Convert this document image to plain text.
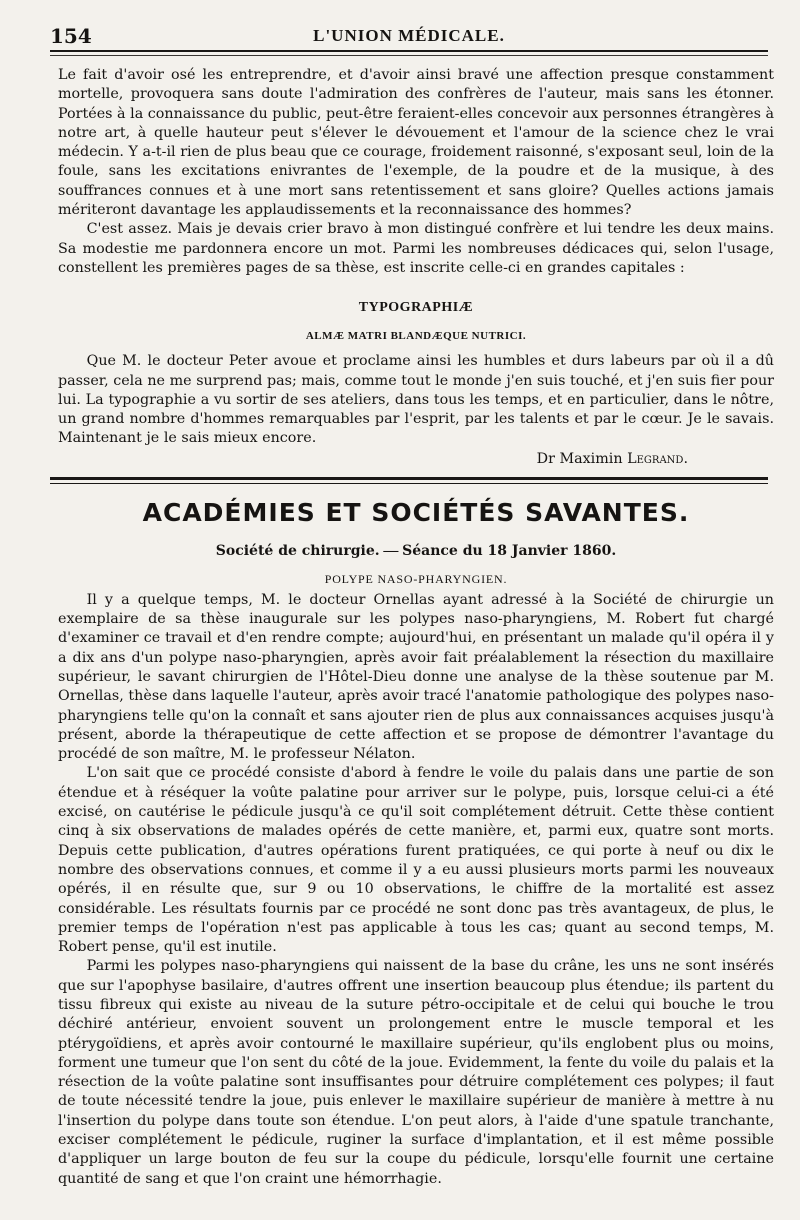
154	L'UNION MÉDICALE.

Le fait d'avoir osé les entreprendre, et d'avoir ainsi bravé une affection presque constamment mortelle, provoquera sans doute l'admiration des confrères de l'auteur, mais sans les étonner. Portées à la connaissance du public, peut-être feraient-elles concevoir aux personnes étrangères à notre art, à quelle hauteur peut s'élever le dévouement et l'amour de la science chez le vrai médecin. Y a-t-il rien de plus beau que ce courage, froidement raisonné, s'exposant seul, loin de la foule, sans les excitations enivrantes de l'exemple, de la poudre et de la musique, à des souffrances connues et à une mort sans retentissement et sans gloire? Quelles actions jamais mériteront davantage les applaudissements et la reconnaissance des hommes?

C'est assez. Mais je devais crier bravo à mon distingué confrère et lui tendre les deux mains. Sa modestie me pardonnera encore un mot. Parmi les nombreuses dédicaces qui, selon l'usage, constellent les premières pages de sa thèse, est inscrite celle-ci en grandes capitales :

TYPOGRAPHIÆ
ALMÆ MATRI BLANDÆQUE NUTRICI.

Que M. le docteur Peter avoue et proclame ainsi les humbles et durs labeurs par où il a dû passer, cela ne me surprend pas; mais, comme tout le monde j'en suis touché, et j'en suis fier pour lui. La typographie a vu sortir de ses ateliers, dans tous les temps, et en particulier, dans le nôtre, un grand nombre d'hommes remarquables par l'esprit, par les talents et par le cœur. Je le savais. Maintenant je le sais mieux encore.

Dr Maximin Legrand.
ACADÉMIES ET SOCIÉTÉS SAVANTES.
Société de chirurgie. — Séance du 18 Janvier 1860.
POLYPE NASO-PHARYNGIEN.

Il y a quelque temps, M. le docteur Ornellas ayant adressé à la Société de chirurgie un exemplaire de sa thèse inaugurale sur les polypes naso-pharyngiens, M. Robert fut chargé d'examiner ce travail et d'en rendre compte; aujourd'hui, en présentant un malade qu'il opéra il y a dix ans d'un polype naso-pharyngien, après avoir fait préalablement la résection du maxillaire supérieur, le savant chirurgien de l'Hôtel-Dieu donne une analyse de la thèse soutenue par M. Ornellas, thèse dans laquelle l'auteur, après avoir tracé l'anatomie pathologique des polypes naso-pharyngiens telle qu'on la connaît et sans ajouter rien de plus aux connaissances acquises jusqu'à présent, aborde la thérapeutique de cette affection et se propose de démontrer l'avantage du procédé de son maître, M. le professeur Nélaton.

L'on sait que ce procédé consiste d'abord à fendre le voile du palais dans une partie de son étendue et à réséquer la voûte palatine pour arriver sur le polype, puis, lorsque celui-ci a été excisé, on cautérise le pédicule jusqu'à ce qu'il soit complétement détruit. Cette thèse contient cinq à six observations de malades opérés de cette manière, et, parmi eux, quatre sont morts. Depuis cette publication, d'autres opérations furent pratiquées, ce qui porte à neuf ou dix le nombre des observations connues, et comme il y a eu aussi plusieurs morts parmi les nouveaux opérés, il en résulte que, sur 9 ou 10 observations, le chiffre de la mortalité est assez considérable. Les résultats fournis par ce procédé ne sont donc pas très avantageux, de plus, le premier temps de l'opération n'est pas applicable à tous les cas; quant au second temps, M. Robert pense, qu'il est inutile.

Parmi les polypes naso-pharyngiens qui naissent de la base du crâne, les uns ne sont insérés que sur l'apophyse basilaire, d'autres offrent une insertion beaucoup plus étendue; ils partent du tissu fibreux qui existe au niveau de la suture pétro-occipitale et de celui qui bouche le trou déchiré antérieur, envoient souvent un prolongement entre le muscle temporal et les ptérygoïdiens, et après avoir contourné le maxillaire supérieur, qu'ils englobent plus ou moins, forment une tumeur que l'on sent du côté de la joue. Evidemment, la fente du voile du palais et la résection de la voûte palatine sont insuffisantes pour détruire complétement ces polypes; il faut de toute nécessité tendre la joue, puis enlever le maxillaire supérieur de manière à mettre à nu l'insertion du polype dans toute son étendue. L'on peut alors, à l'aide d'une spatule tranchante, exciser complétement le pédicule, ruginer la surface d'implantation, et il est même possible d'appliquer un large bouton de feu sur la coupe du pédicule, lorsqu'elle fournit une certaine quantité de sang et que l'on craint une hémorrhagie.
